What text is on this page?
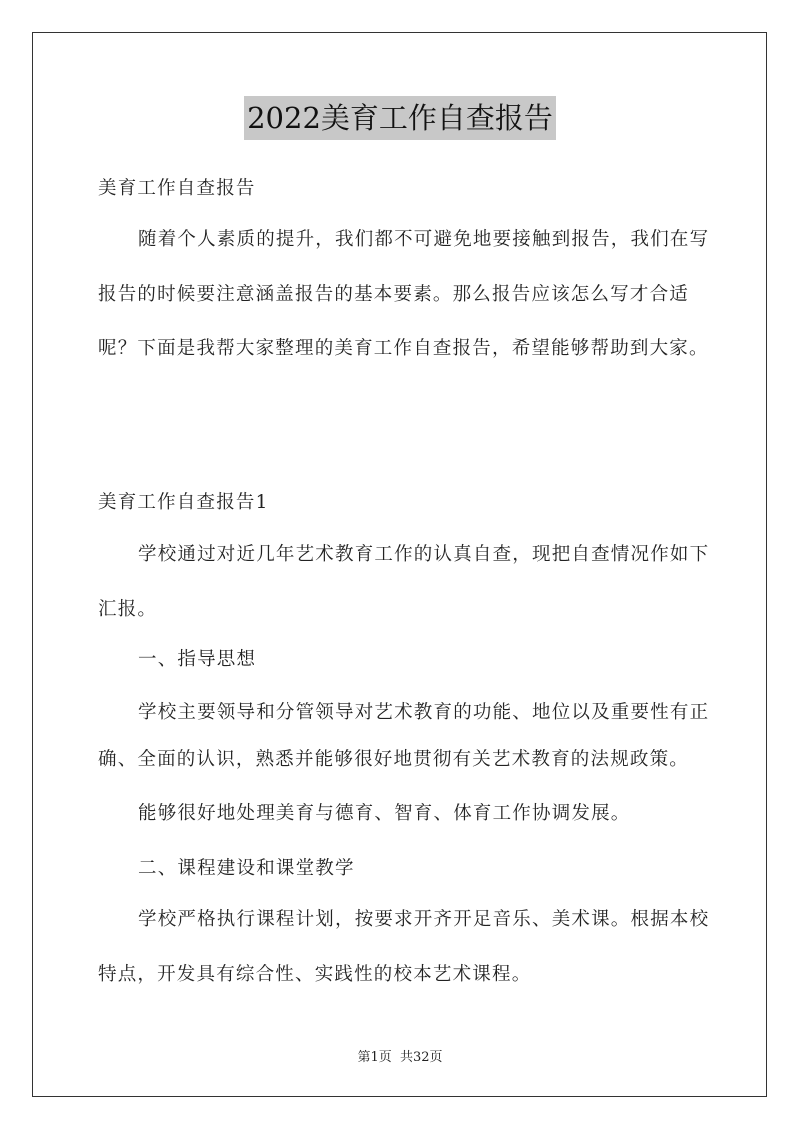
2022美育工作自查报告

美育工作自查报告

随着个人素质的提升，我们都不可避免地要接触到报告，我们在写报告的时候要注意涵盖报告的基本要素。那么报告应该怎么写才合适呢？下面是我帮大家整理的美育工作自查报告，希望能够帮助到大家。

美育工作自查报告1

学校通过对近几年艺术教育工作的认真自查，现把自查情况作如下汇报。

一、指导思想

学校主要领导和分管领导对艺术教育的功能、地位以及重要性有正确、全面的认识，熟悉并能够很好地贯彻有关艺术教育的法规政策。

能够很好地处理美育与德育、智育、体育工作协调发展。

二、课程建设和课堂教学

学校严格执行课程计划，按要求开齐开足音乐、美术课。根据本校特点，开发具有综合性、实践性的校本艺术课程。

第1页 共32页
